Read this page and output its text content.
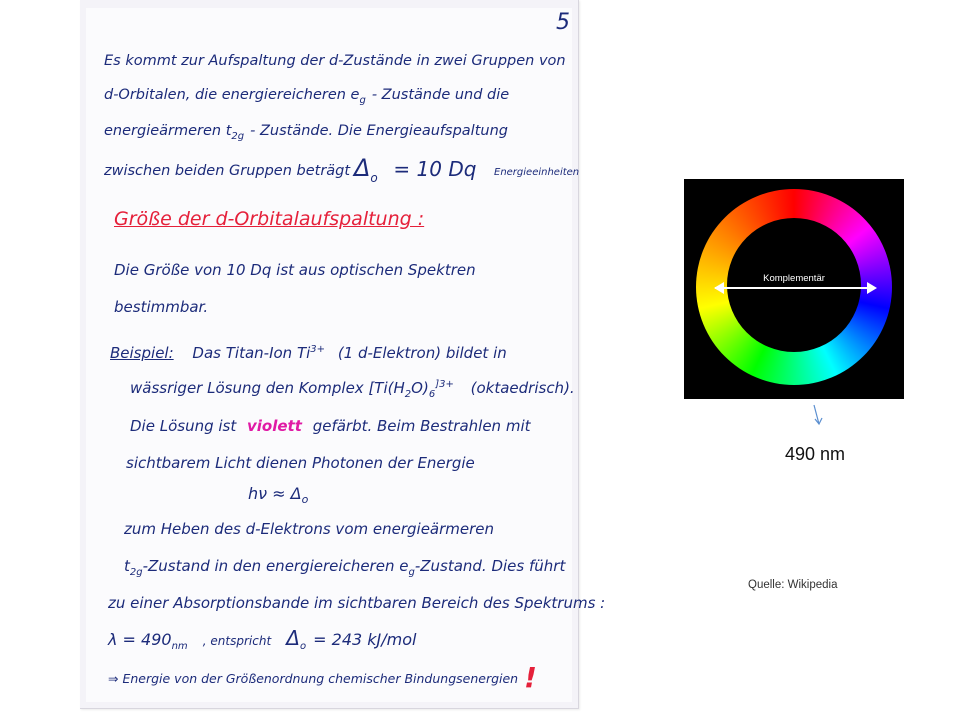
5
Es kommt zur Aufspaltung der d-Zustände in zwei Gruppen von
d-Orbitalen, die energiereicheren $e_g$ - Zustände und die
energieärmeren $t_{2g}$ - Zustände. Die Energieaufspaltung
zwischen beiden Gruppen beträgt $\Delta_o = 10$ Dq Energieeinheiten
Größe der d-Orbitalaufspaltung :
Die Größe von 10 Dq ist aus optischen Spektren
bestimmbar.
Beispiel: Das Titan-Ion $Ti^{3+}$ (1 d-Elektron) bildet in
wässriger Lösung den Komplex [$Ti(H_2O)_6^{]3+}$ (oktaedrisch).
Die Lösung ist violett gefärbt. Beim Bestrahlen mit
sichtbarem Licht dienen Photonen der Energie
$h\nu \approx \Delta_o$
zum Heben des d-Elektrons vom energieärmeren
$t_{2g}$-Zustand in den energiereicheren $e_g$-Zustand. Dies führt
zu einer Absorptionsbande im sichtbaren Bereich des Spektrums :
$\lambda = 490_{nm}$ , entspricht $\Delta_o = 243$ kJ/mol
⇒ Energie von der Größenordnung chemischer Bindungsenergien !
Komplementär
490 nm
Quelle: Wikipedia
